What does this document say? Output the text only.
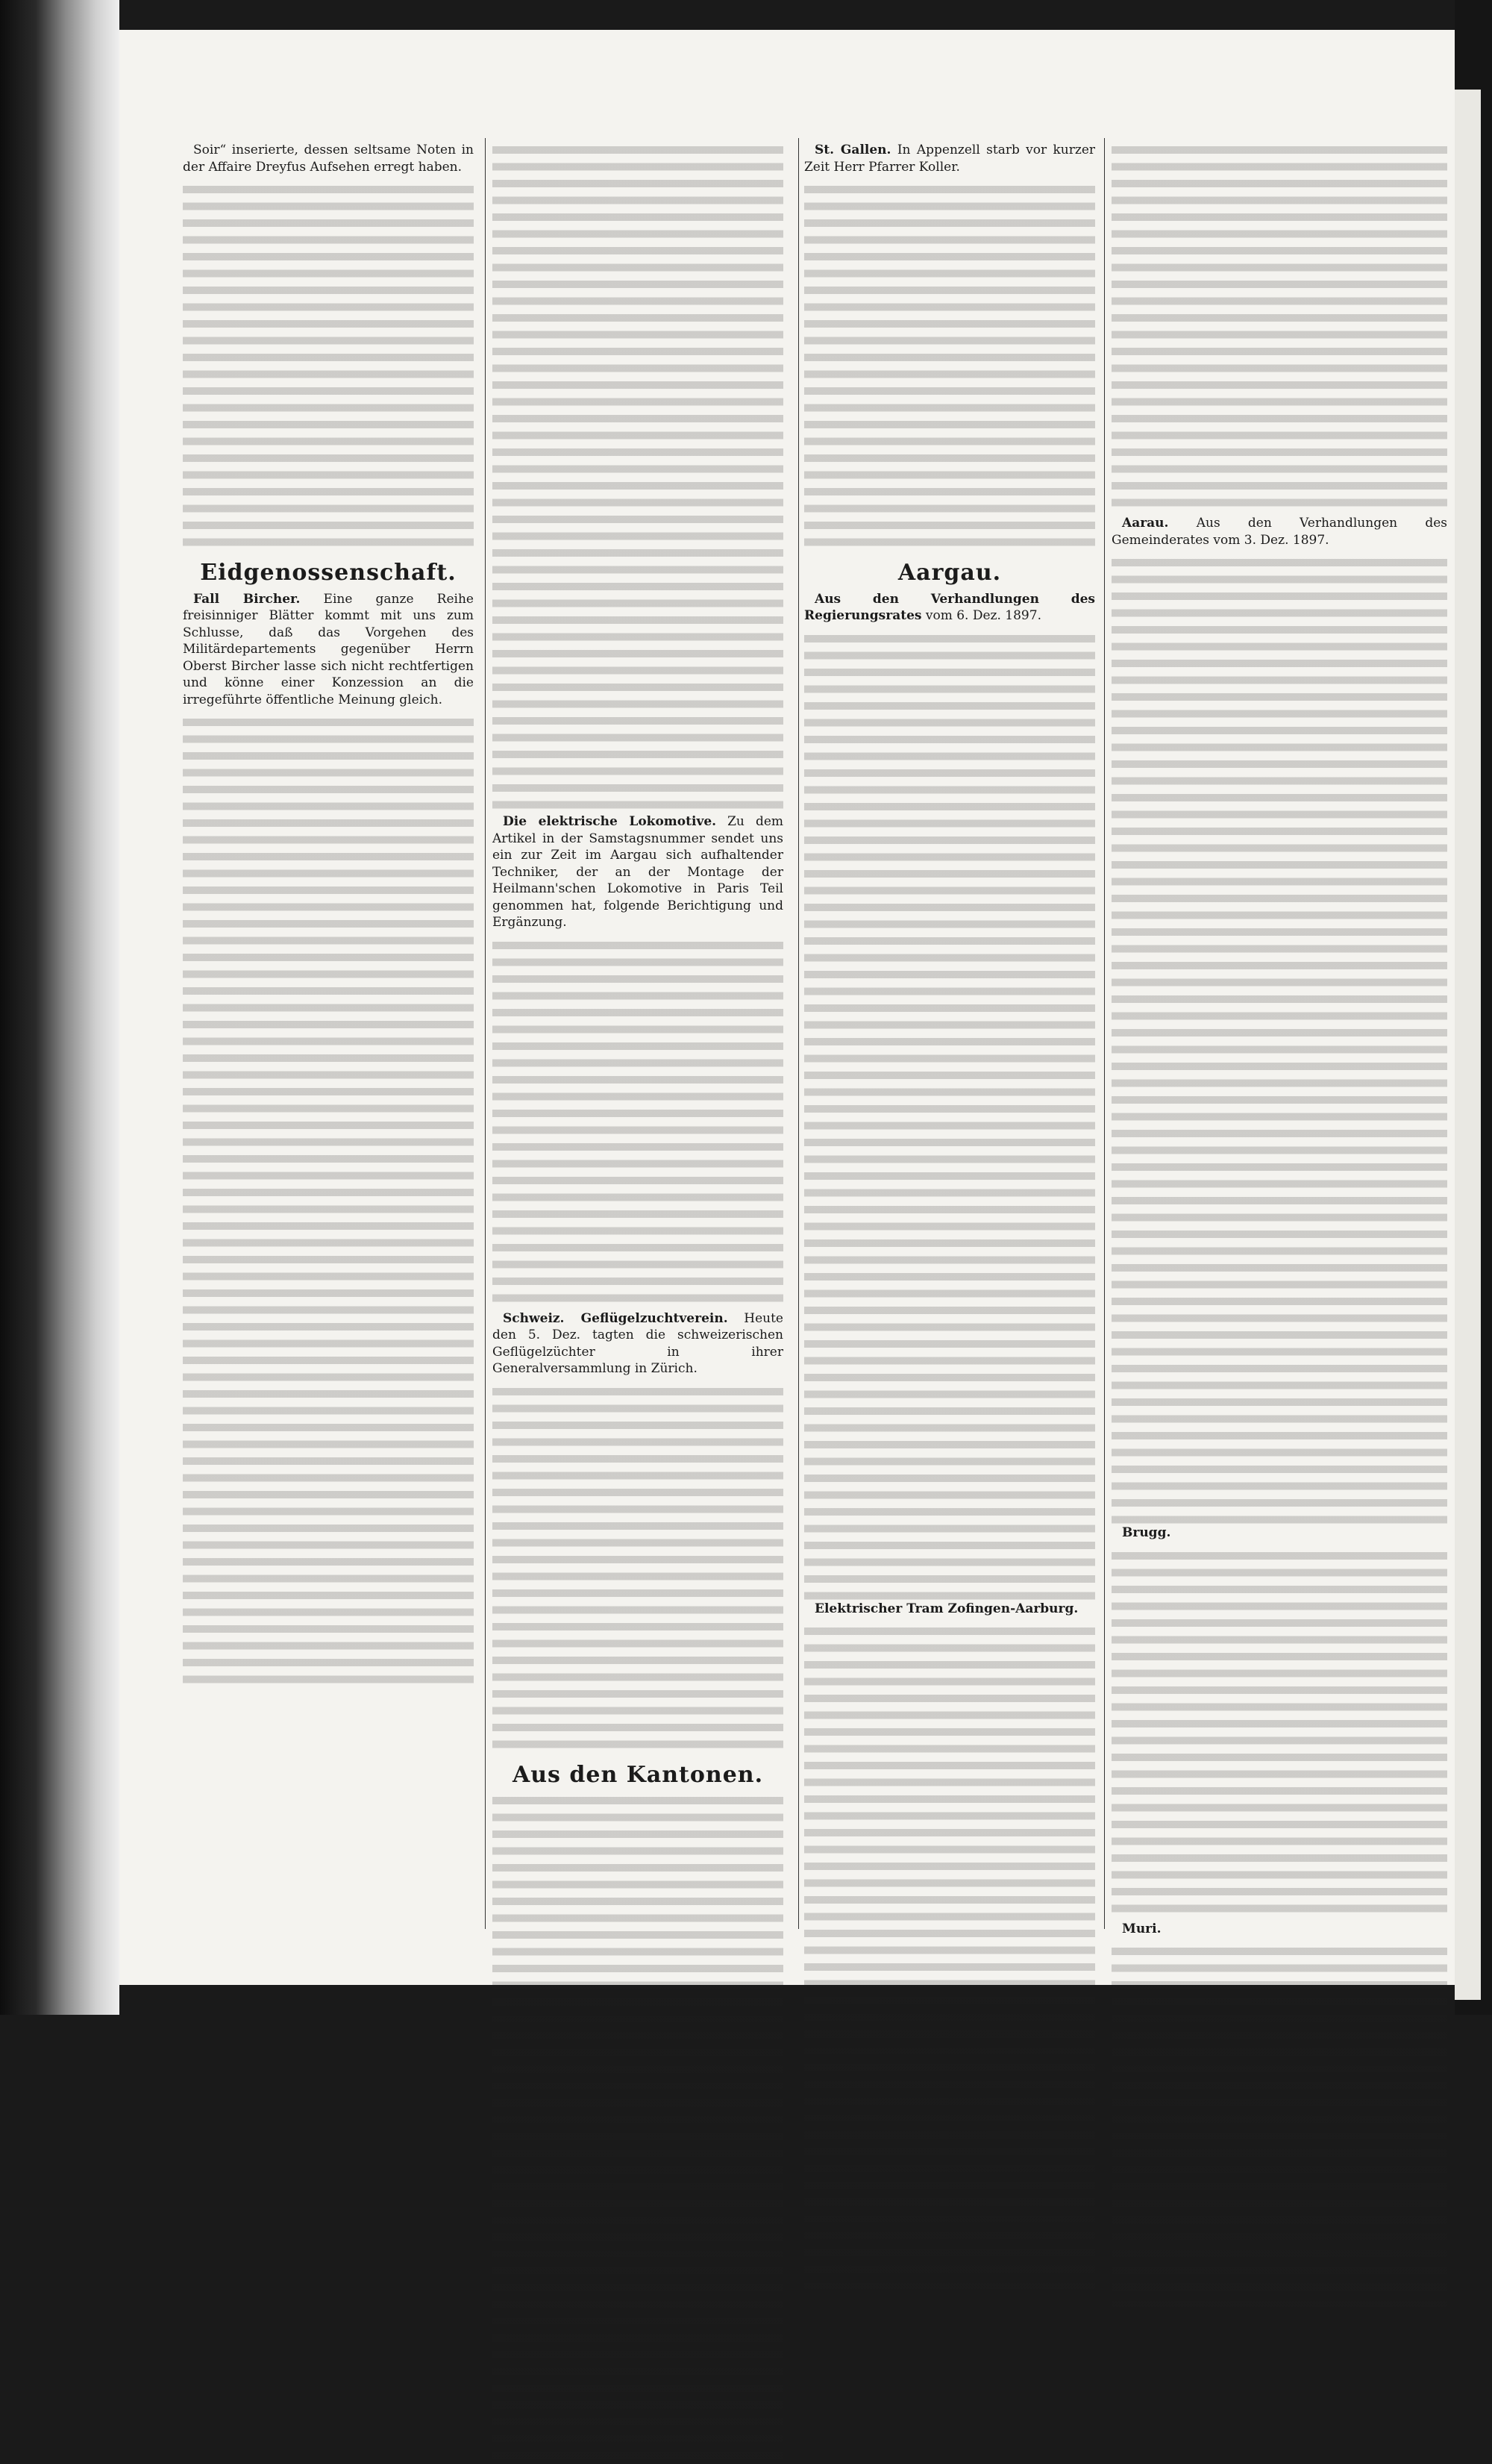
Soir“ inserierte, dessen seltsame Noten in der Affaire Dreyfus Aufsehen erregt haben.

Eidgenossenschaft.

Fall Bircher. Eine ganze Reihe freisinniger Blätter kommt mit uns zum Schlusse, daß das Vorgehen des Militärdepartements gegenüber Herrn Oberst Bircher lasse sich nicht rechtfertigen und könne einer Konzession an die irregeführte öffentliche Meinung gleich.

Die elektrische Lokomotive. Zu dem Artikel in der Samstagsnummer sendet uns ein zur Zeit im Aargau sich aufhaltender Techniker, der an der Montage der Heilmann'schen Lokomotive in Paris Teil genommen hat, folgende Berichtigung und Ergänzung.

Schweiz. Geflügelzuchtverein. Heute den 5. Dez. tagten die schweizerischen Geflügelzüchter in ihrer Generalversammlung in Zürich.

Aus den Kantonen.

St. Gallen. In Appenzell starb vor kurzer Zeit Herr Pfarrer Koller.

Aargau.

Aus den Verhandlungen des Regierungsrates vom 6. Dez. 1897.

Elektrischer Tram Zofingen-Aarburg.

Aarau. Aus den Verhandlungen des Gemeinderates vom 3. Dez. 1897.

Brugg.

Muri.
